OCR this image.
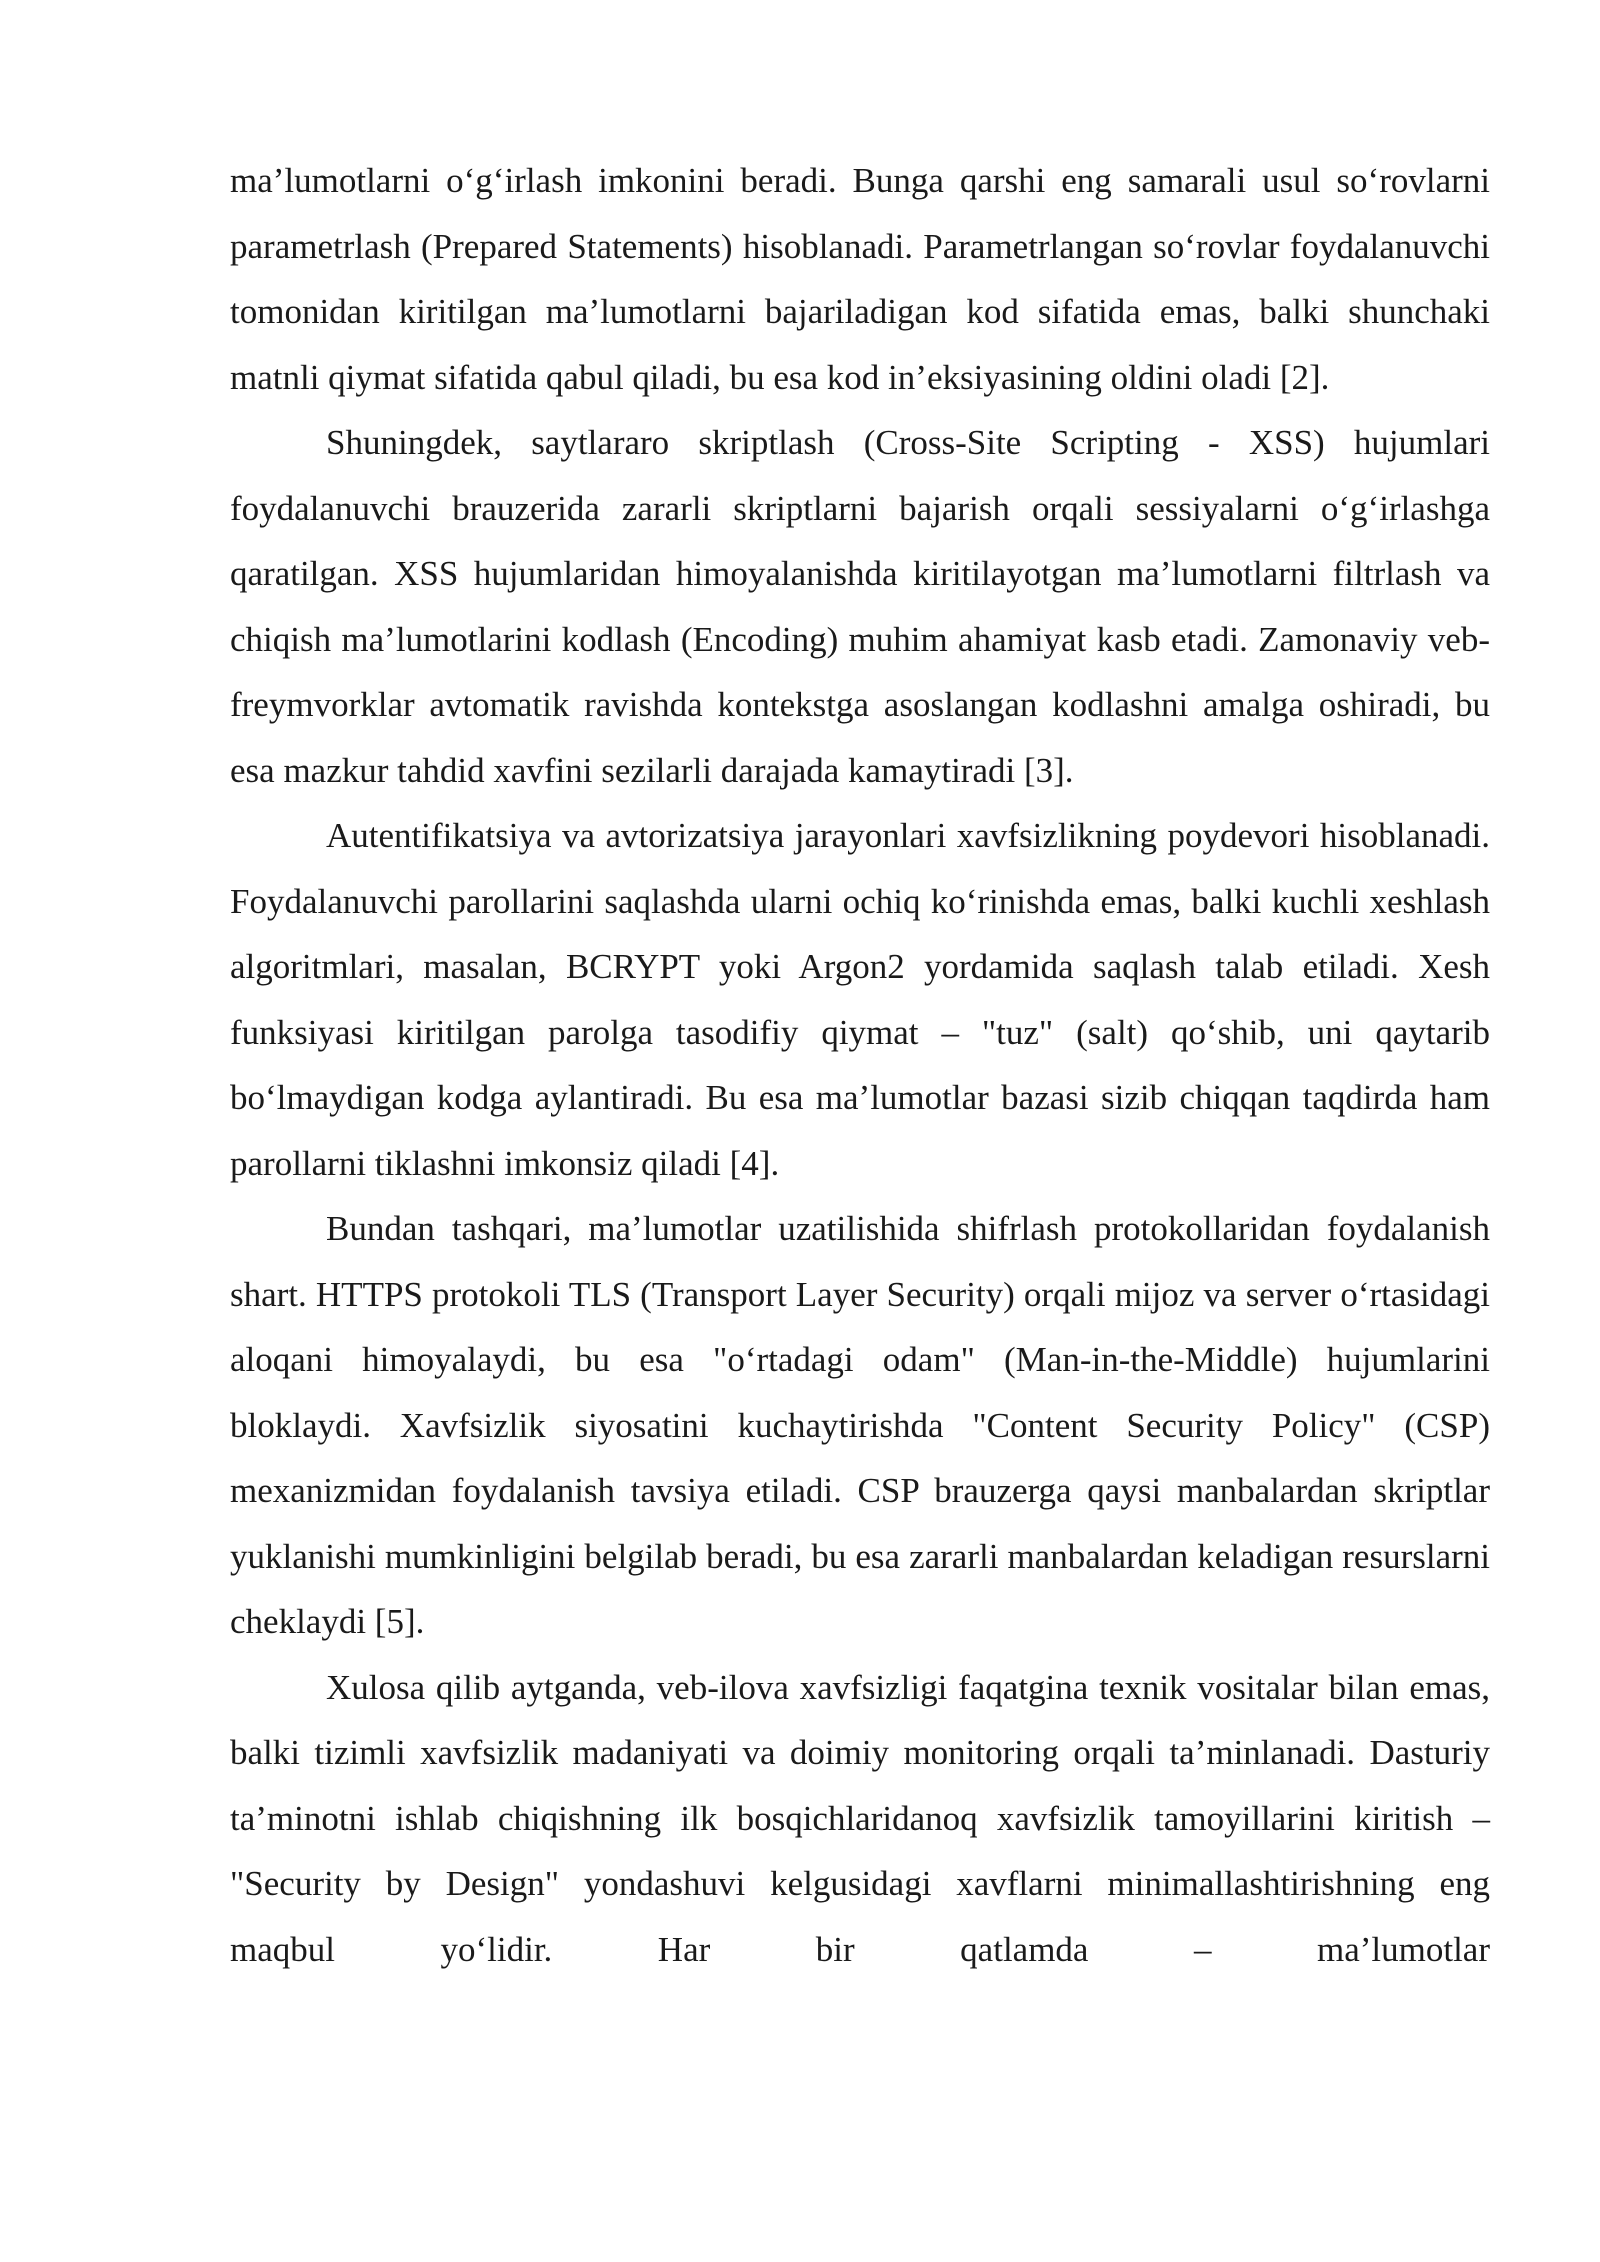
ma’lumotlarni o‘g‘irlash imkonini beradi. Bunga qarshi eng samarali usul so‘rovlarni parametrlash (Prepared Statements) hisoblanadi. Parametrlangan so‘rovlar foydalanuvchi tomonidan kiritilgan ma’lumotlarni bajariladigan kod sifatida emas, balki shunchaki matnli qiymat sifatida qabul qiladi, bu esa kod in’eksiyasining oldini oladi [2].

Shuningdek, saytlararo skriptlash (Cross-Site Scripting - XSS) hujumlari foydalanuvchi brauzerida zararli skriptlarni bajarish orqali sessiyalarni o‘g‘irlashga qaratilgan. XSS hujumlaridan himoyalanishda kiritilayotgan ma’lumotlarni filtrlash va chiqish ma’lumotlarini kodlash (Encoding) muhim ahamiyat kasb etadi. Zamonaviy veb-freymvorklar avtomatik ravishda kontekstga asoslangan kodlashni amalga oshiradi, bu esa mazkur tahdid xavfini sezilarli darajada kamaytiradi [3].

Autentifikatsiya va avtorizatsiya jarayonlari xavfsizlikning poydevori hisoblanadi. Foydalanuvchi parollarini saqlashda ularni ochiq ko‘rinishda emas, balki kuchli xeshlash algoritmlari, masalan, BCRYPT yoki Argon2 yordamida saqlash talab etiladi. Xesh funksiyasi kiritilgan parolga tasodifiy qiymat – "tuz" (salt) qo‘shib, uni qaytarib bo‘lmaydigan kodga aylantiradi. Bu esa ma’lumotlar bazasi sizib chiqqan taqdirda ham parollarni tiklashni imkonsiz qiladi [4].

Bundan tashqari, ma’lumotlar uzatilishida shifrlash protokollaridan foydalanish shart. HTTPS protokoli TLS (Transport Layer Security) orqali mijoz va server o‘rtasidagi aloqani himoyalaydi, bu esa "o‘rtadagi odam" (Man-in-the-Middle) hujumlarini bloklaydi. Xavfsizlik siyosatini kuchaytirishda "Content Security Policy" (CSP) mexanizmidan foydalanish tavsiya etiladi. CSP brauzerga qaysi manbalardan skriptlar yuklanishi mumkinligini belgilab beradi, bu esa zararli manbalardan keladigan resurslarni cheklaydi [5].

Xulosa qilib aytganda, veb-ilova xavfsizligi faqatgina texnik vositalar bilan emas, balki tizimli xavfsizlik madaniyati va doimiy monitoring orqali ta’minlanadi. Dasturiy ta’minotni ishlab chiqishning ilk bosqichlaridanoq xavfsizlik tamoyillarini kiritish – "Security by Design" yondashuvi kelgusidagi xavflarni minimallashtirishning eng maqbul yo‘lidir. Har bir qatlamda – ma’lumotlar
